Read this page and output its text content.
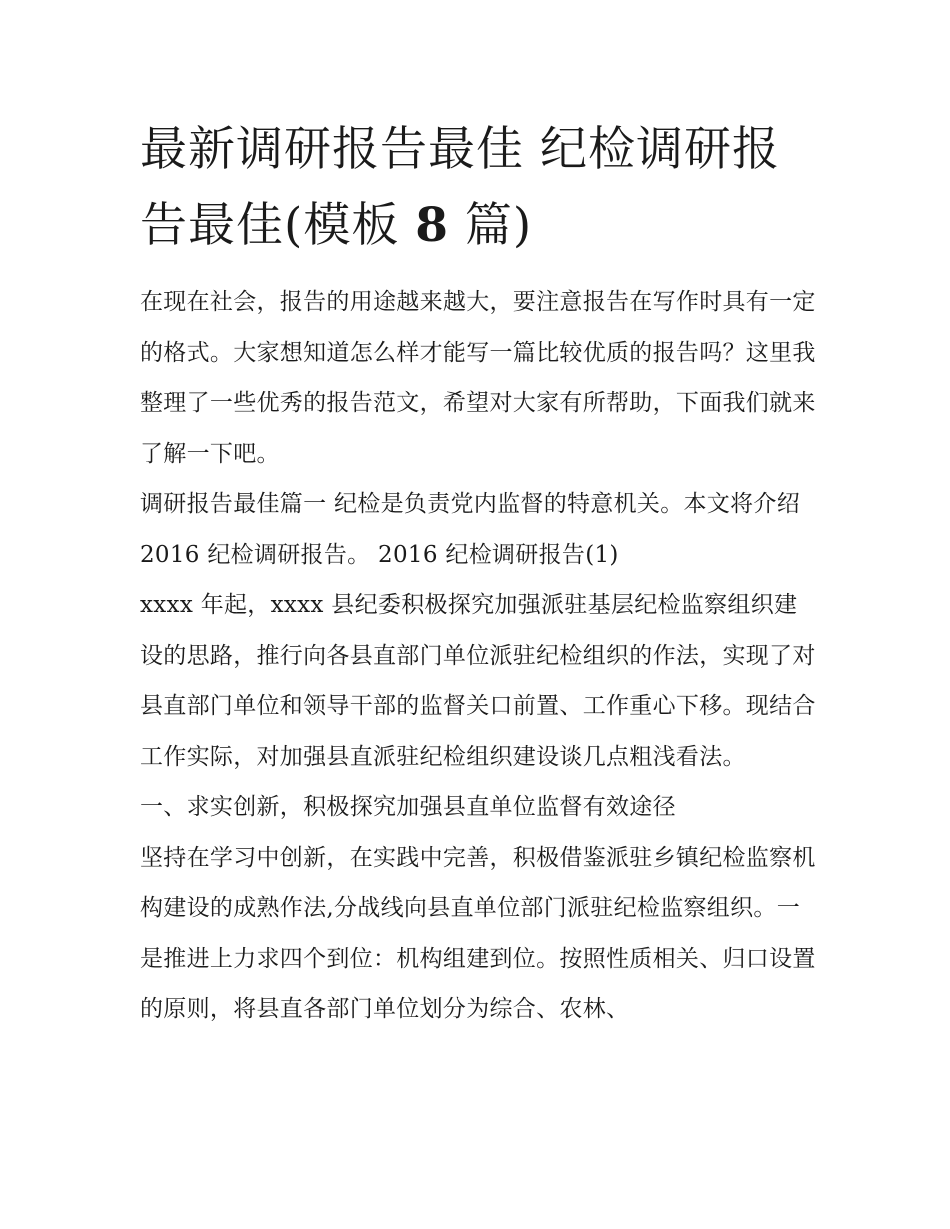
最新调研报告最佳 纪检调研报
告最佳(模板 8 篇)

在现在社会，报告的用途越来越大，要注意报告在写作时具有一定的格式。大家想知道怎么样才能写一篇比较优质的报告吗？这里我整理了一些优秀的报告范文，希望对大家有所帮助，下面我们就来了解一下吧。

调研报告最佳篇一 纪检是负责党内监督的特意机关。本文将介绍 2016 纪检调研报告。 2016 纪检调研报告(1)

xxxx 年起，xxxx 县纪委积极探究加强派驻基层纪检监察组织建设的思路，推行向各县直部门单位派驻纪检组织的作法，实现了对县直部门单位和领导干部的监督关口前置、工作重心下移。现结合工作实际，对加强县直派驻纪检组织建设谈几点粗浅看法。

一、求实创新，积极探究加强县直单位监督有效途径

坚持在学习中创新，在实践中完善，积极借鉴派驻乡镇纪检监察机构建设的成熟作法,分战线向县直单位部门派驻纪检监察组织。一是推进上力求四个到位：机构组建到位。按照性质相关、归口设置的原则，将县直各部门单位划分为综合、农林、
